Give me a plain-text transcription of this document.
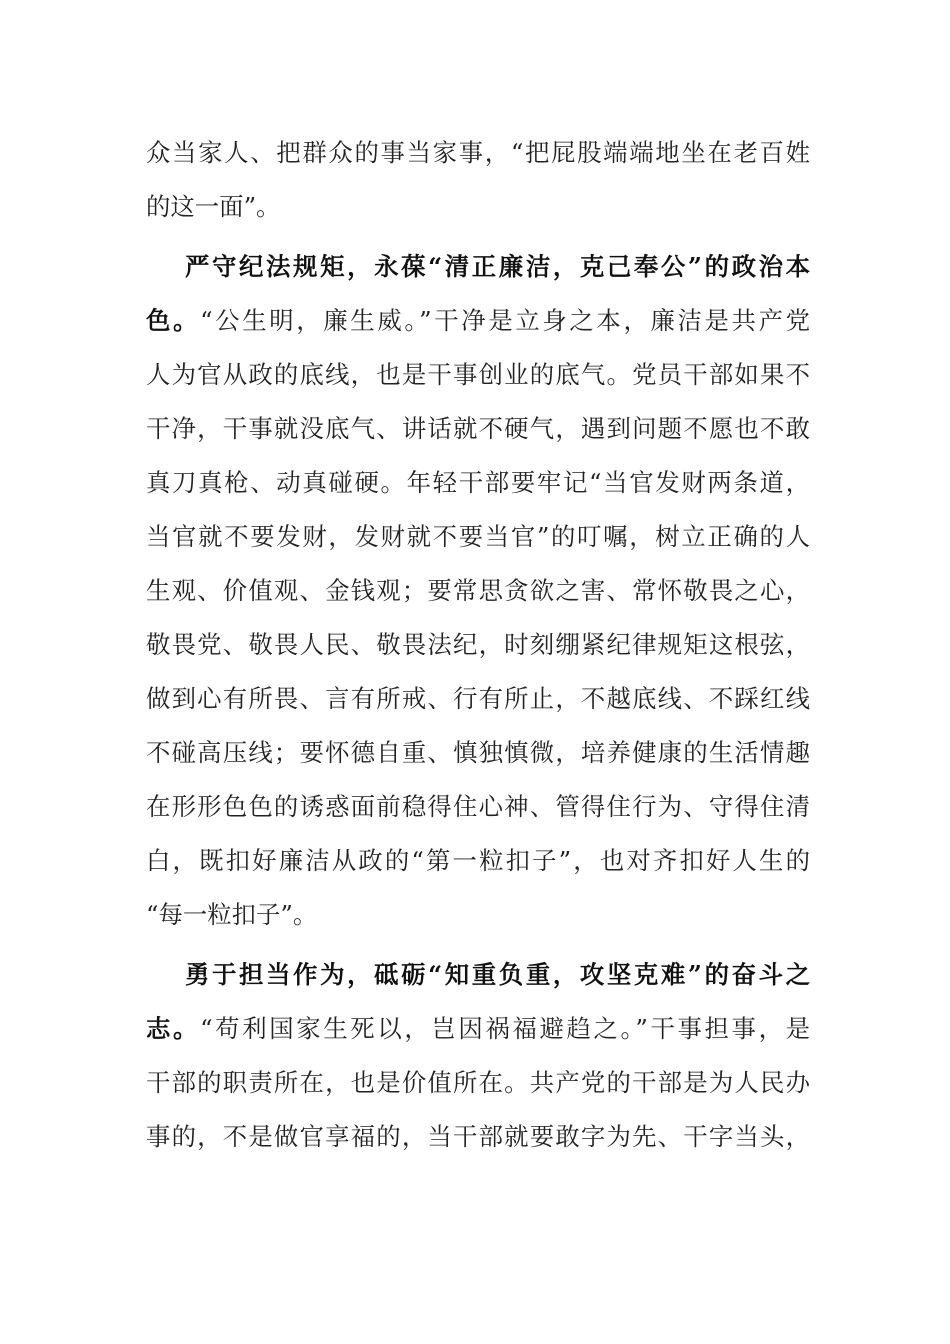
众当家人、把群众的事当家事，“把屁股端端地坐在老百姓
的这一面”。
严守纪法规矩，永葆“清正廉洁，克己奉公”的政治本
色。“公生明，廉生威。”干净是立身之本，廉洁是共产党
人为官从政的底线，也是干事创业的底气。党员干部如果不
干净，干事就没底气、讲话就不硬气，遇到问题不愿也不敢
真刀真枪、动真碰硬。年轻干部要牢记“当官发财两条道，
当官就不要发财，发财就不要当官”的叮嘱，树立正确的人
生观、价值观、金钱观；要常思贪欲之害、常怀敬畏之心，
敬畏党、敬畏人民、敬畏法纪，时刻绷紧纪律规矩这根弦，
做到心有所畏、言有所戒、行有所止，不越底线、不踩红线
不碰高压线；要怀德自重、慎独慎微，培养健康的生活情趣
在形形色色的诱惑面前稳得住心神、管得住行为、守得住清
白，既扣好廉洁从政的“第一粒扣子”，也对齐扣好人生的
“每一粒扣子”。
勇于担当作为，砥砺“知重负重，攻坚克难”的奋斗之
志。“苟利国家生死以，岂因祸福避趋之。”干事担事，是
干部的职责所在，也是价值所在。共产党的干部是为人民办
事的，不是做官享福的，当干部就要敢字为先、干字当头，
